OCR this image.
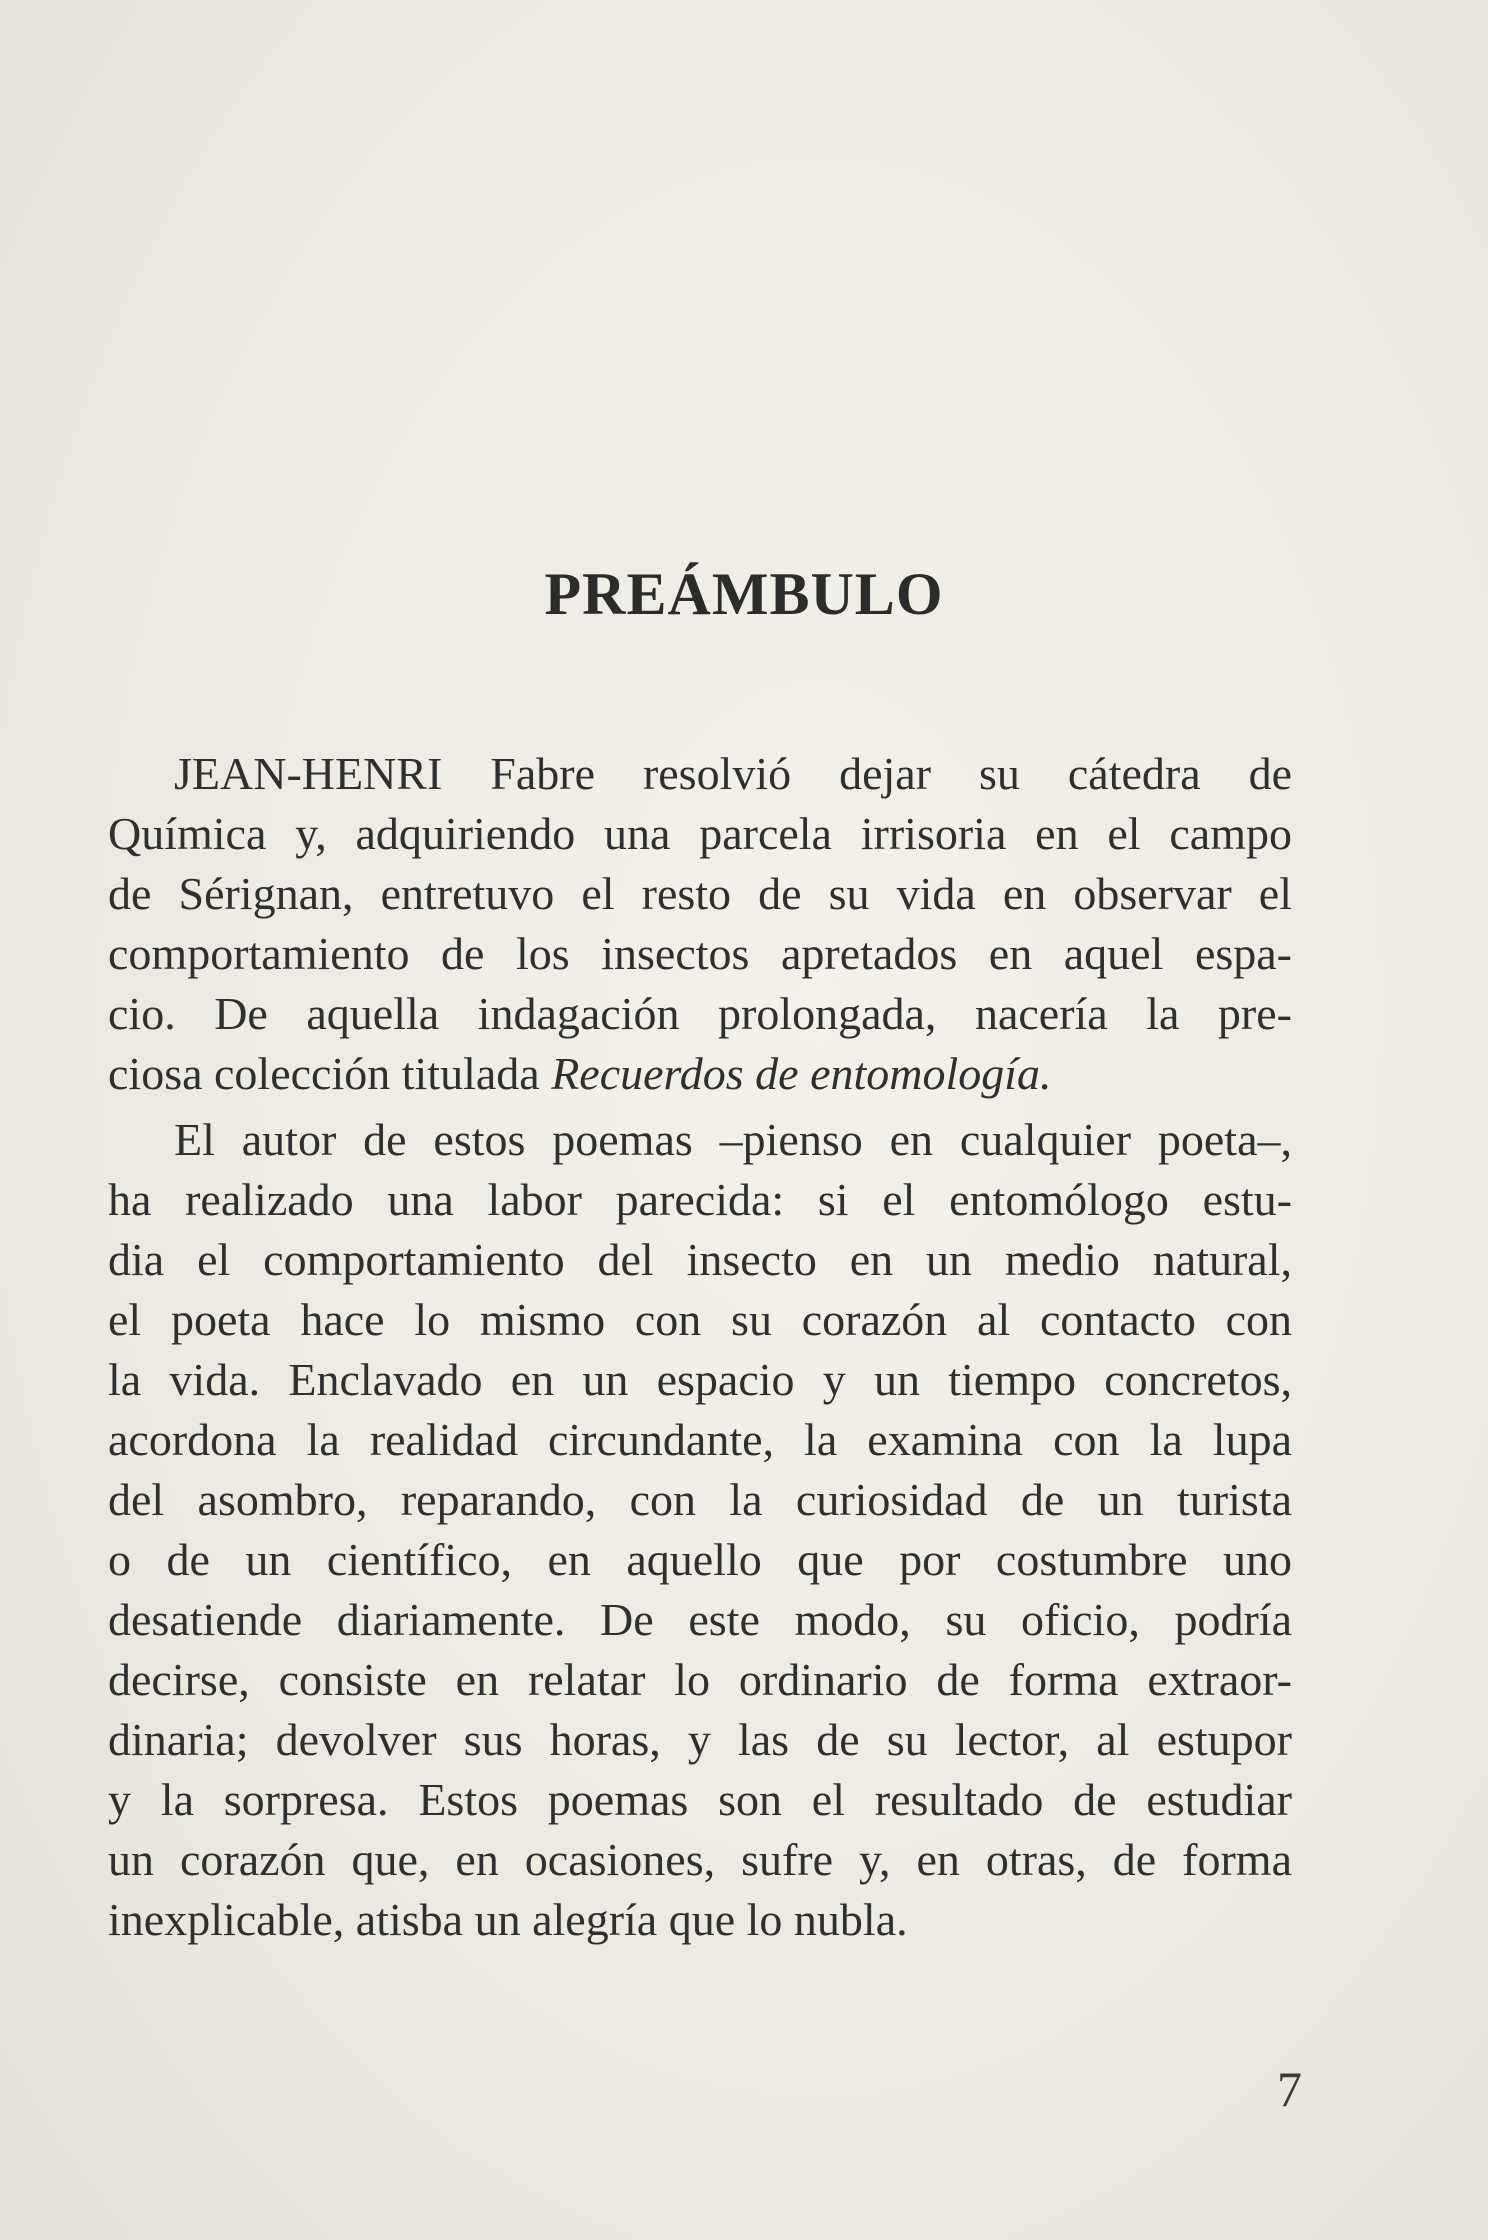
PREÁMBULO
JEAN-HENRI Fabre resolvió dejar su cátedra de
Química y, adquiriendo una parcela irrisoria en el campo
de Sérignan, entretuvo el resto de su vida en observar el
comportamiento de los insectos apretados en aquel espa-
cio. De aquella indagación prolongada, nacería la pre-
ciosa colección titulada Recuerdos de entomología.
El autor de estos poemas –pienso en cualquier poeta–,
ha realizado una labor parecida: si el entomólogo estu-
dia el comportamiento del insecto en un medio natural,
el poeta hace lo mismo con su corazón al contacto con
la vida. Enclavado en un espacio y un tiempo concretos,
acordona la realidad circundante, la examina con la lupa
del asombro, reparando, con la curiosidad de un turista
o de un científico, en aquello que por costumbre uno
desatiende diariamente. De este modo, su oficio, podría
decirse, consiste en relatar lo ordinario de forma extraor-
dinaria; devolver sus horas, y las de su lector, al estupor
y la sorpresa. Estos poemas son el resultado de estudiar
un corazón que, en ocasiones, sufre y, en otras, de forma
inexplicable, atisba un alegría que lo nubla.
7
